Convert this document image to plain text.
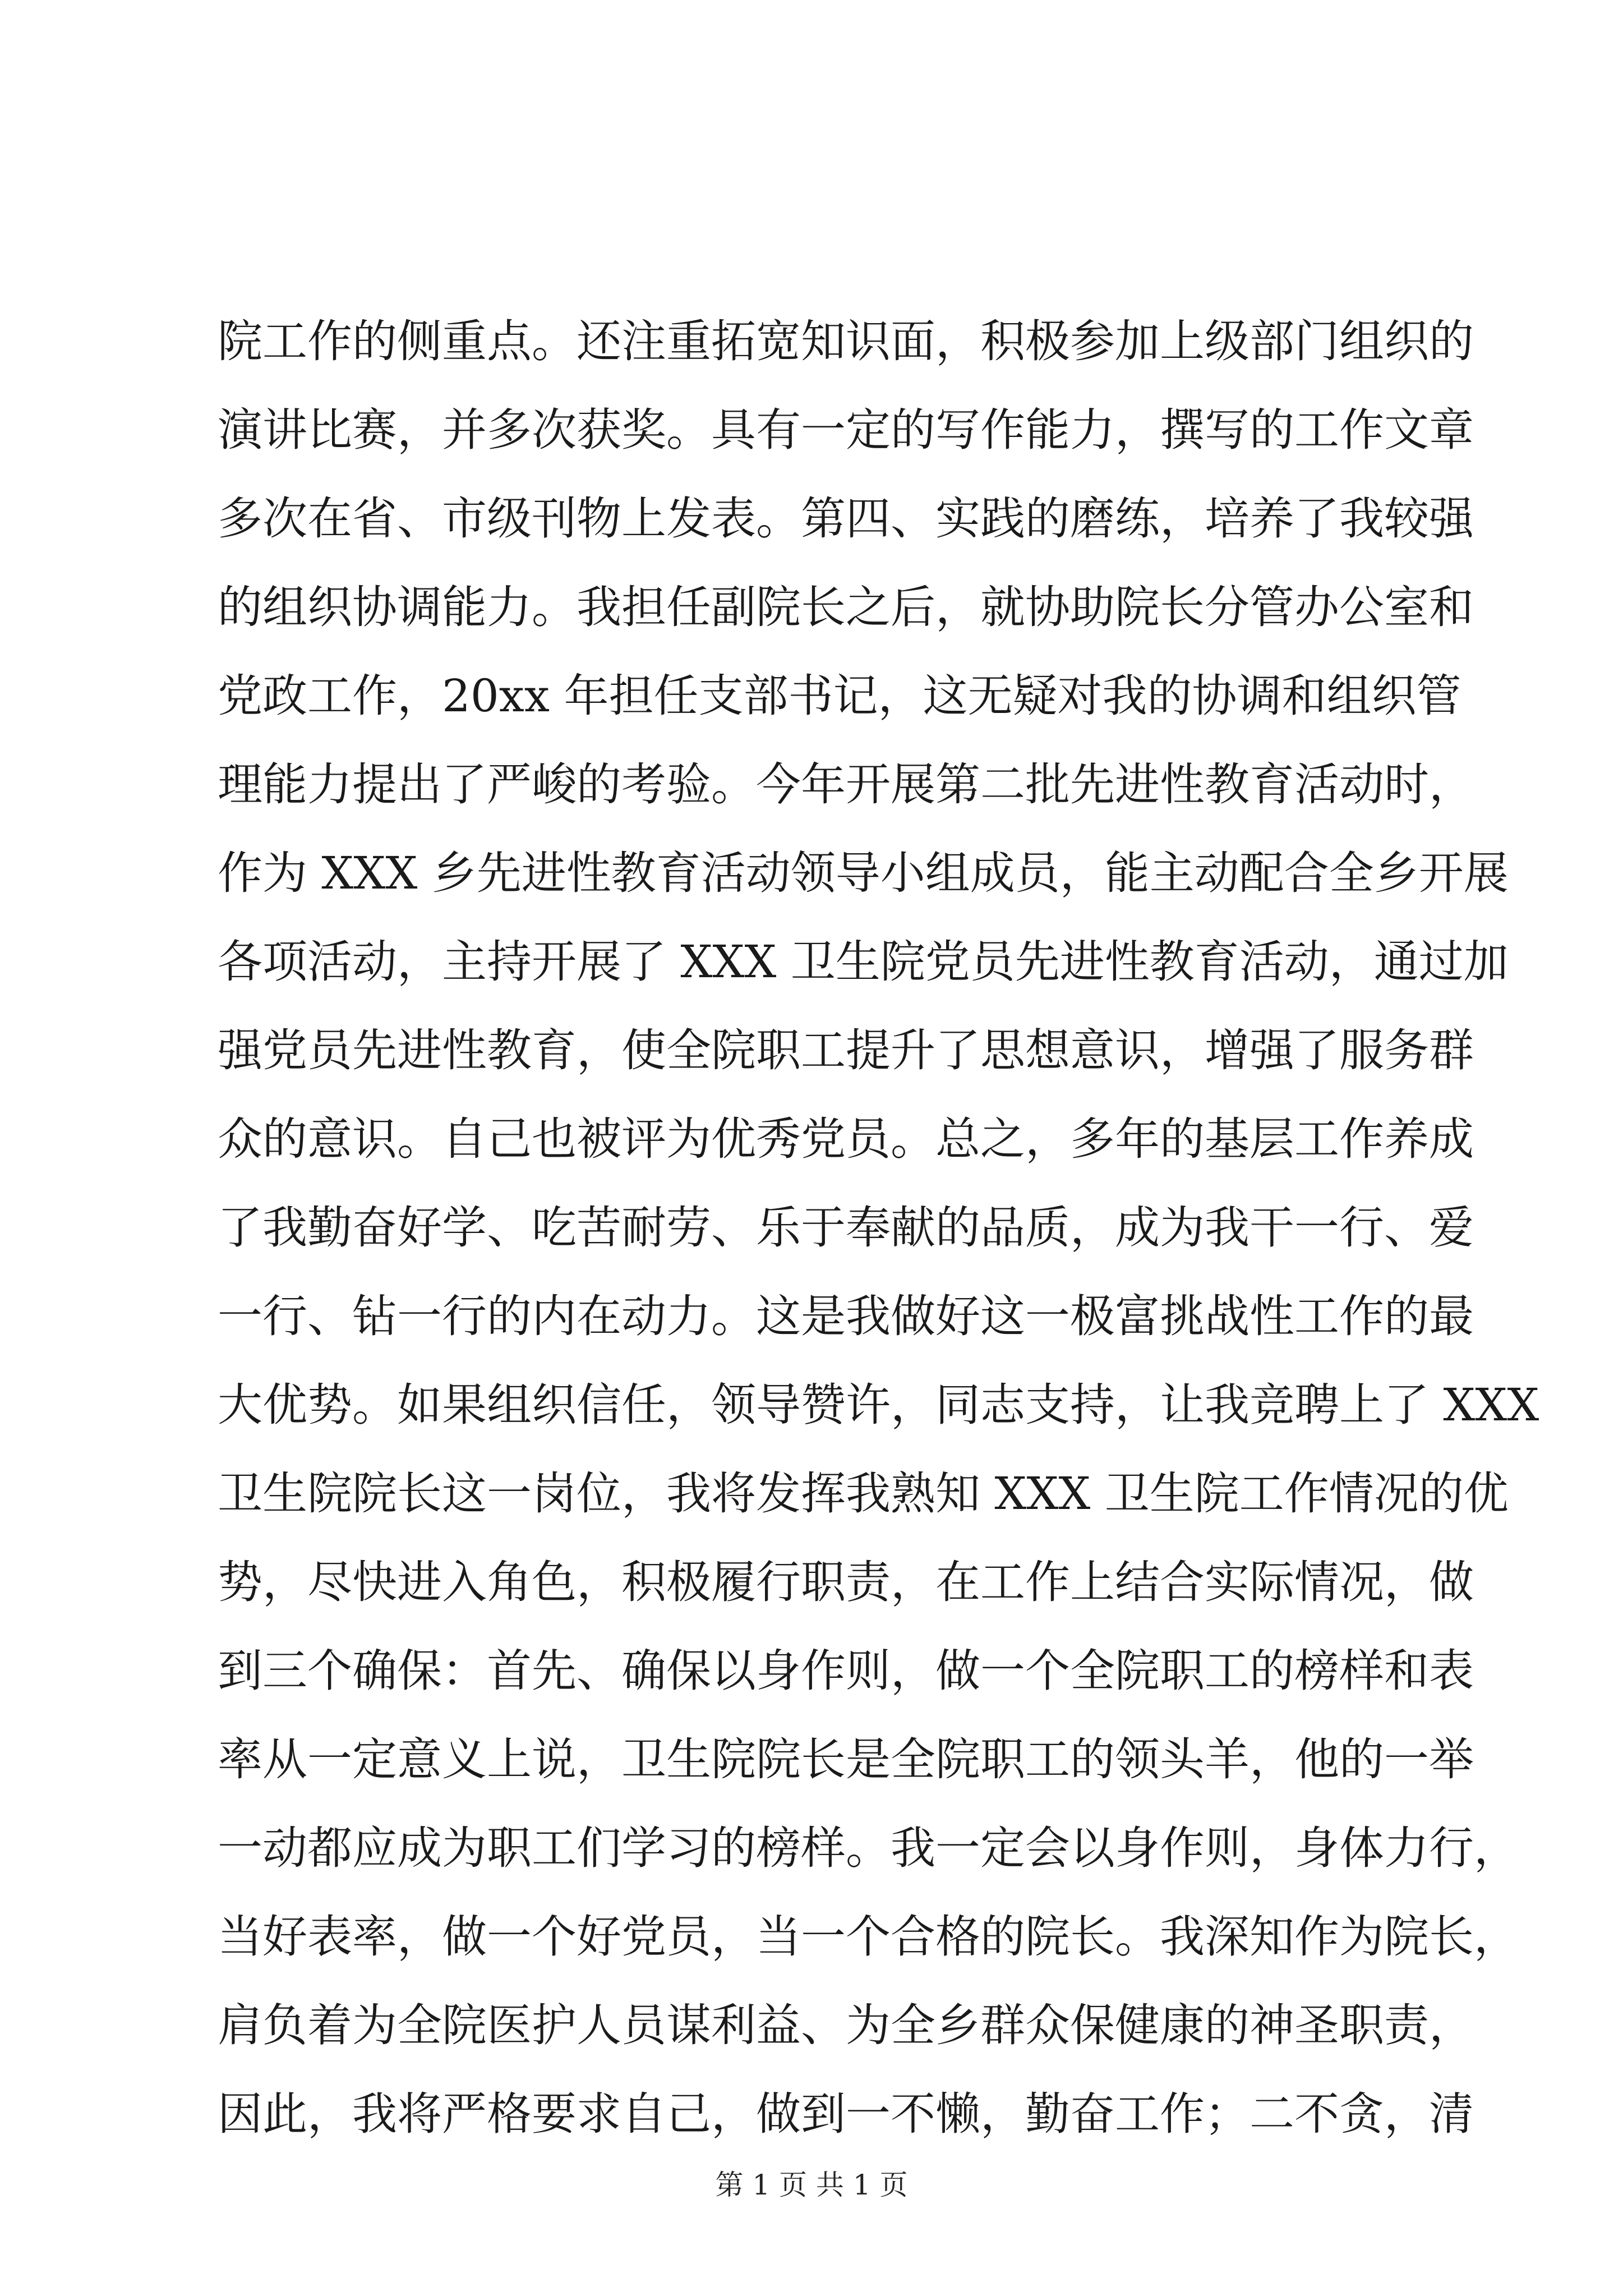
院工作的侧重点。还注重拓宽知识面，积极参加上级部门组织的
演讲比赛，并多次获奖。具有一定的写作能力，撰写的工作文章
多次在省、市级刊物上发表。第四、实践的磨练，培养了我较强
的组织协调能力。我担任副院长之后，就协助院长分管办公室和
党政工作，20xx 年担任支部书记，这无疑对我的协调和组织管
理能力提出了严峻的考验。今年开展第二批先进性教育活动时，
作为 XXX 乡先进性教育活动领导小组成员，能主动配合全乡开展
各项活动，主持开展了 XXX 卫生院党员先进性教育活动，通过加
强党员先进性教育，使全院职工提升了思想意识，增强了服务群
众的意识。自己也被评为优秀党员。总之，多年的基层工作养成
了我勤奋好学、吃苦耐劳、乐于奉献的品质，成为我干一行、爱
一行、钻一行的内在动力。这是我做好这一极富挑战性工作的最
大优势。如果组织信任，领导赞许，同志支持，让我竞聘上了 XXX
卫生院院长这一岗位，我将发挥我熟知 XXX 卫生院工作情况的优
势，尽快进入角色，积极履行职责，在工作上结合实际情况，做
到三个确保：首先、确保以身作则，做一个全院职工的榜样和表
率从一定意义上说，卫生院院长是全院职工的领头羊，他的一举
一动都应成为职工们学习的榜样。我一定会以身作则，身体力行，
当好表率，做一个好党员，当一个合格的院长。我深知作为院长，
肩负着为全院医护人员谋利益、为全乡群众保健康的神圣职责，
因此，我将严格要求自己，做到一不懒，勤奋工作；二不贪，清
第 1 页 共 1 页
